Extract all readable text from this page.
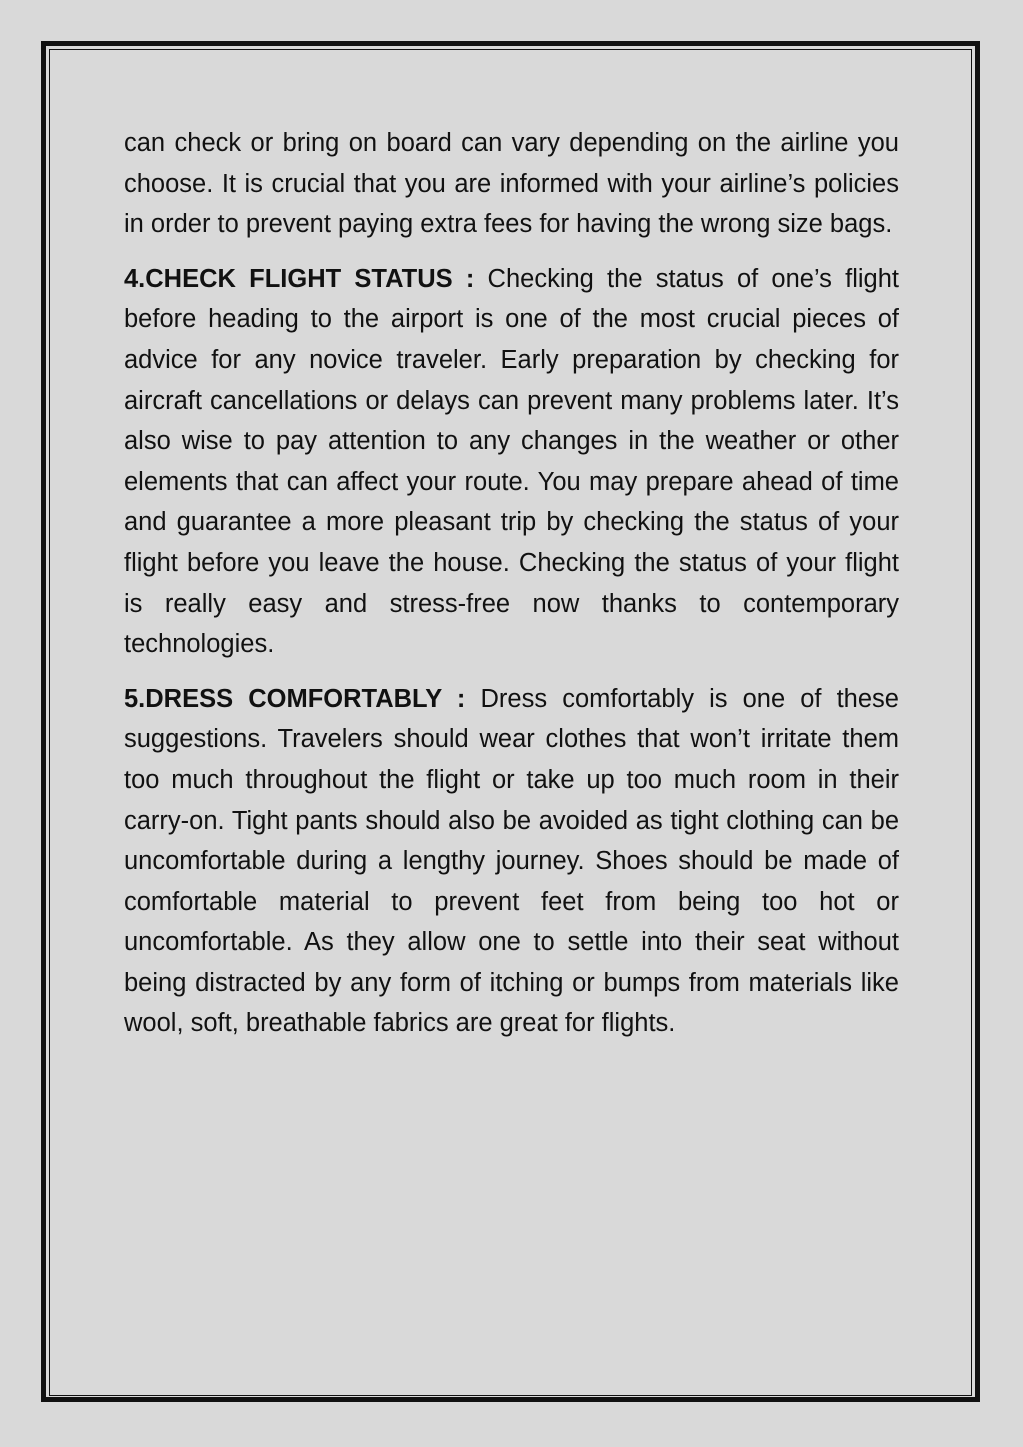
can check or bring on board can vary depending on the airline you choose. It is crucial that you are informed with your airline’s policies in order to prevent paying extra fees for having the wrong size bags.

4.CHECK FLIGHT STATUS : Checking the status of one’s flight before heading to the airport is one of the most crucial pieces of advice for any novice traveler. Early preparation by checking for aircraft cancellations or delays can prevent many problems later. It’s also wise to pay attention to any changes in the weather or other elements that can affect your route. You may prepare ahead of time and guarantee a more pleasant trip by checking the status of your flight before you leave the house. Checking the status of your flight is really easy and stress-free now thanks to contemporary technologies.

5.DRESS COMFORTABLY : Dress comfortably is one of these suggestions. Travelers should wear clothes that won’t irritate them too much throughout the flight or take up too much room in their carry-on. Tight pants should also be avoided as tight clothing can be uncomfortable during a lengthy journey. Shoes should be made of comfortable material to prevent feet from being too hot or uncomfortable. As they allow one to settle into their seat without being distracted by any form of itching or bumps from materials like wool, soft, breathable fabrics are great for flights.
